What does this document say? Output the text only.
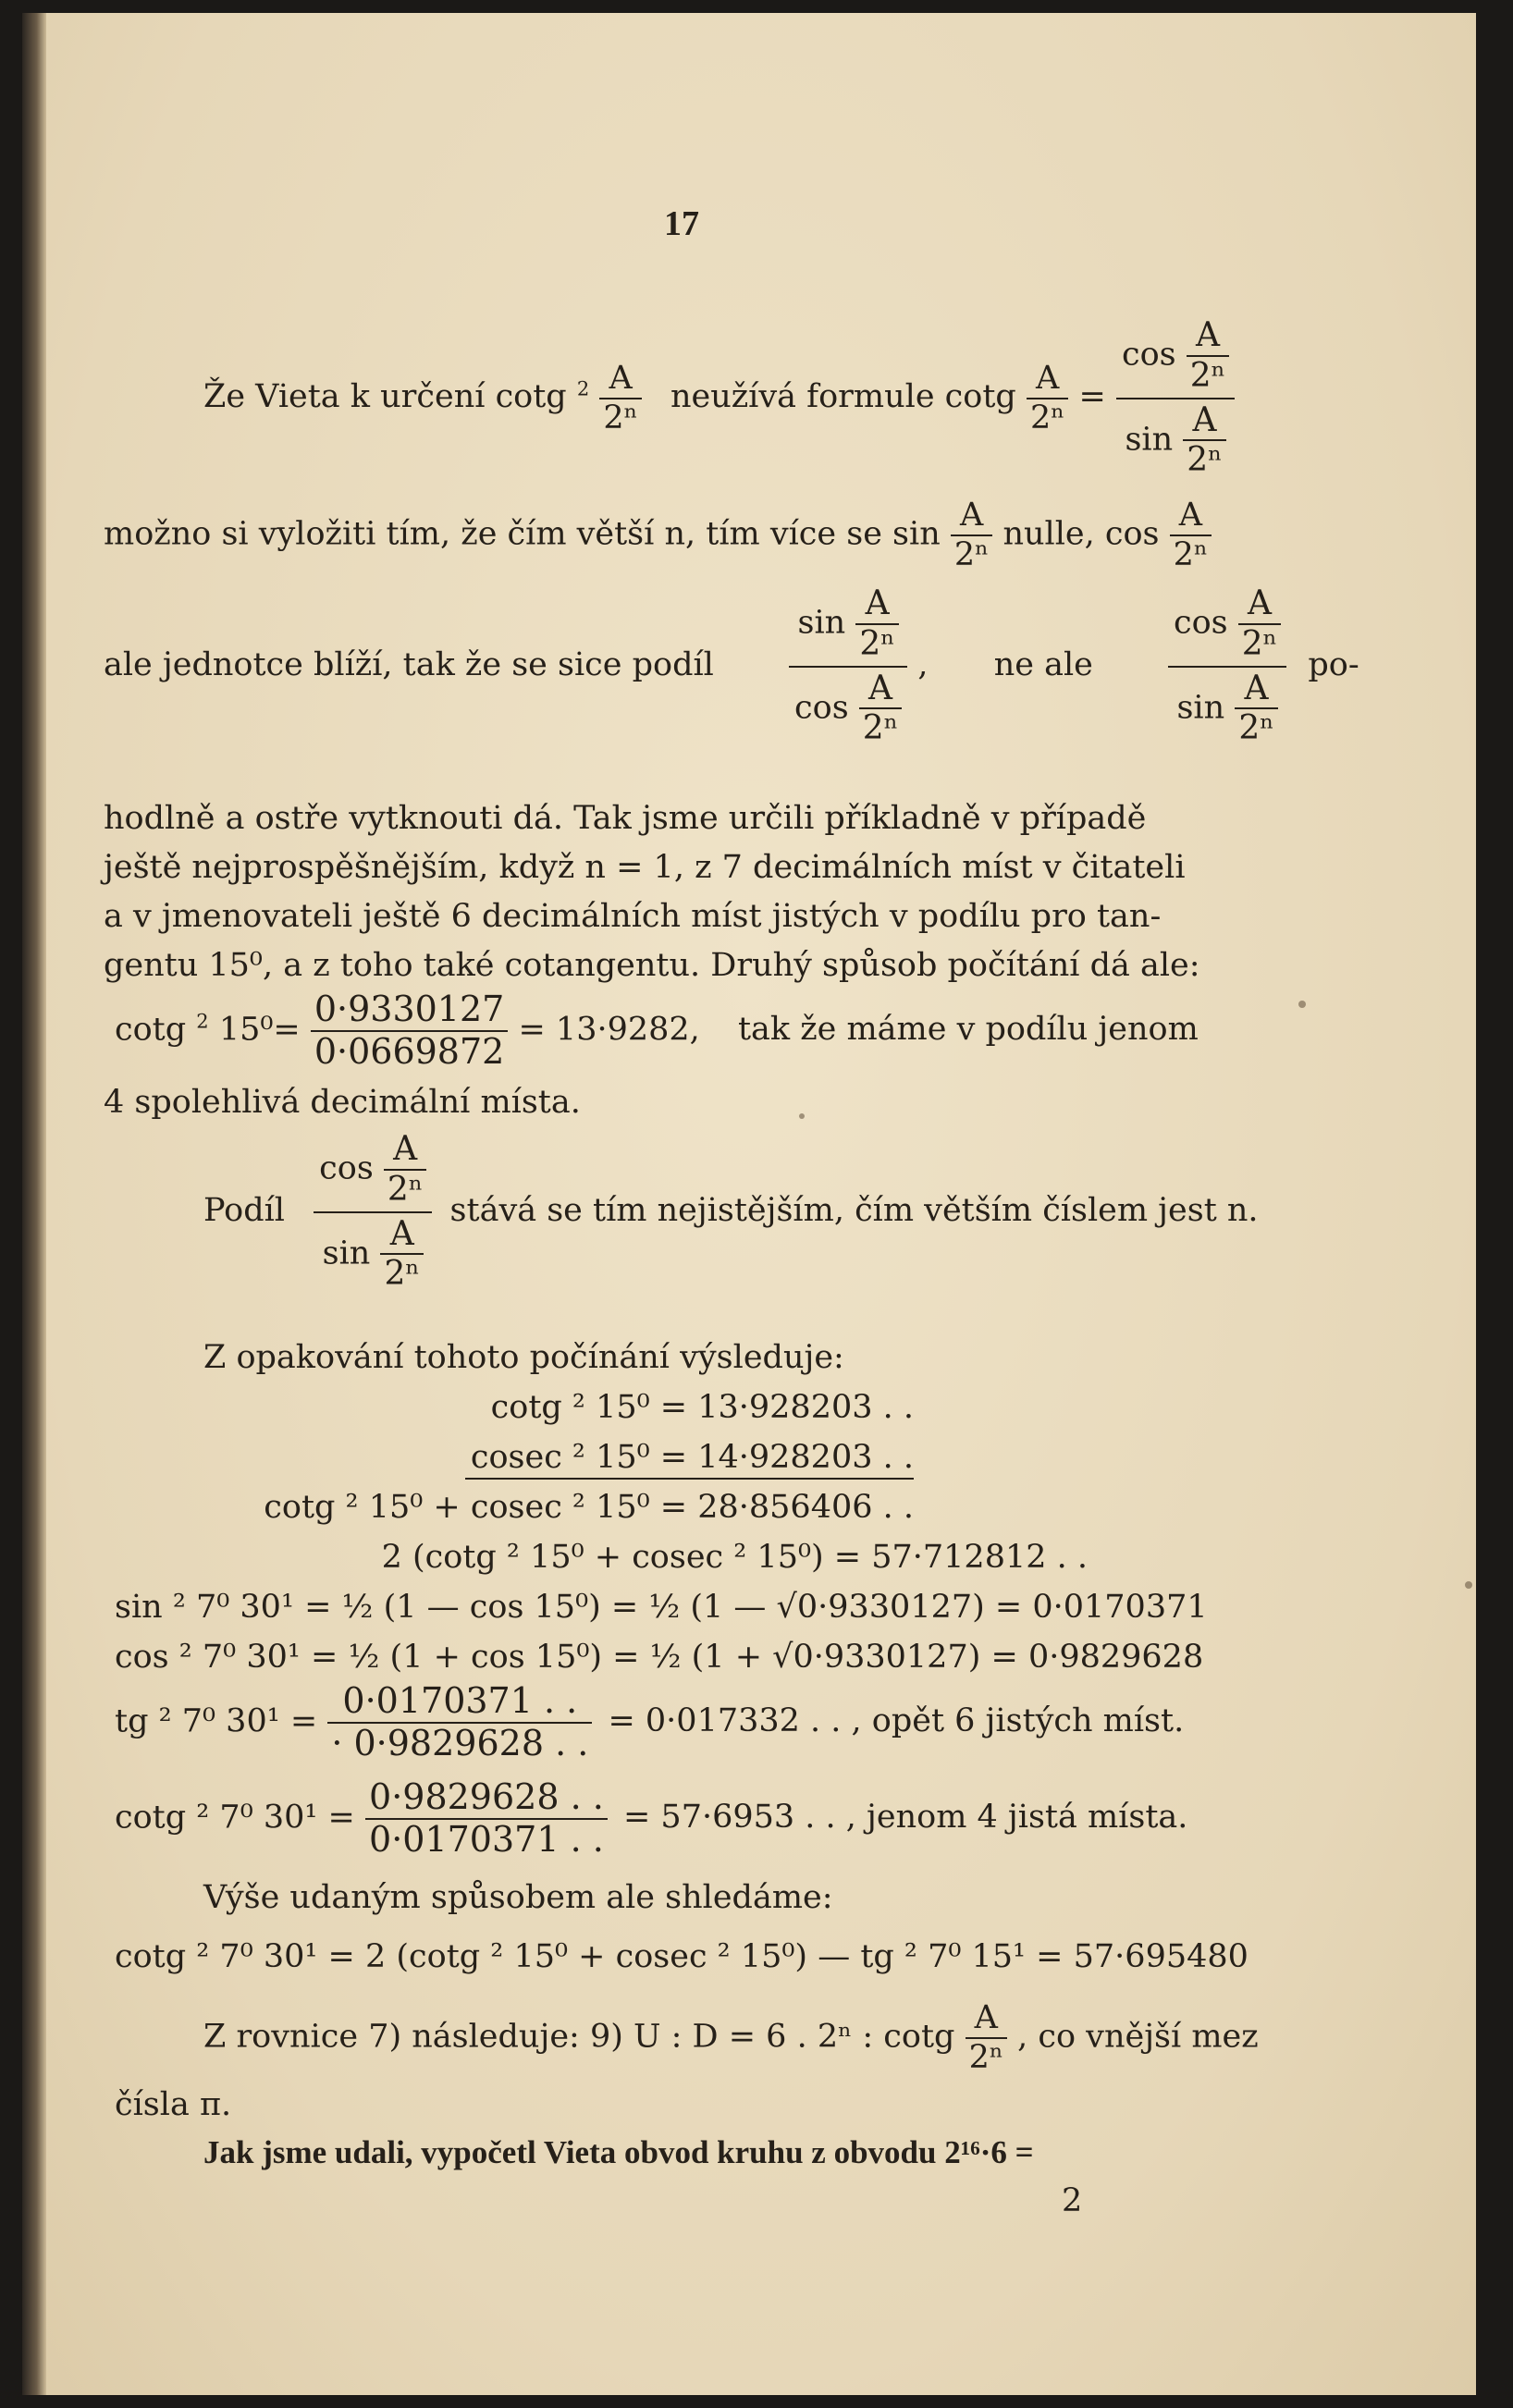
17
Že Vieta k určení cotg $^2 \frac{A}{\text{2ⁿ}}$ neužívá formule cotg $\frac{A}{\text{2ⁿ}} = \frac{\cos \frac{A}{\text{2ⁿ}}}{\sin \frac{A}{\text{2ⁿ}}}$
možno si vyložiti tím, že čím větší n, tím více se $\sin \frac{A}{\text{2ⁿ}}$ nulle, $\cos \frac{A}{\text{2ⁿ}}$
ale jednotce blíží, tak že se sice podíl $\frac{\sin \frac{A}{\text{2ⁿ}}}{\cos \frac{A}{\text{2ⁿ}}}$ , ne ale $\frac{\cos \frac{A}{\text{2ⁿ}}}{\sin \frac{A}{\text{2ⁿ}}} po-$
hodlně a ostře vytknouti dá. Tak jsme určili příkladně v případě
ještě nejprospěšnějším, když n = 1, z 7 decimálních míst v čitateli
a v jmenovateli ještě 6 decimálních míst jistých v podílu pro tan-
gentu 15⁰, a z toho také cotangentu. Druhý spůsob počítání dá ale:
cotg $^2$ $15^0= \frac{0\cdot 9330127}{0\cdot 0669872} = 13\cdot 9282$, tak že máme v podílu jenom
4 spolehlivá decimální místa.
Podíl $\frac{\cos \frac{A}{\text{2ⁿ}}}{\sin \frac{A}{\text{2ⁿ}}}$ stává se tím nejistějším, čím větším číslem jest n.
Z opakování tohoto počínání výsleduje:
cotg ² 15⁰ = 13·928203 . .
cosec ² 15⁰ = 14·928203 . .
cotg ² 15⁰ + cosec ² 15⁰ = 28·856406 . .
2 (cotg ² 15⁰ + cosec ² 15⁰) = 57·712812 . .
sin ² 7⁰ 30¹ = ½ (1 — cos 15⁰) = ½ (1 — √0·9330127) = 0·0170371
cos ² 7⁰ 30¹ = ½ (1 + cos 15⁰) = ½ (1 + √0·9330127) = 0·9829628
tg ² 7⁰ $30^1 = \frac{0\cdot 0170371 . .}{\cdot 0\cdot 9829628 . .} = 0\cdot 017332$ . . , opět 6 jistých míst.
cotg ² 7⁰ $30^1 = \frac{0\cdot 9829628 . .}{0\cdot 0170371 . .} = 57\cdot 6953$ . . , jenom 4 jistá místa.
Výše udaným spůsobem ale shledáme:
cotg ² 7⁰ 30¹ = 2 (cotg ² 15⁰ + cosec ² 15⁰) — tg ² 7⁰ 15¹ = 57·695480
Z rovnice 7) následuje: 9) U : D = 6 . 2ⁿ : cotg $\frac{A}{\text{2ⁿ}}$ , co vnější mez
čísla π.
Jak jsme udali, vypočetl Vieta obvod kruhu z obvodu 2¹⁶·6 =
2
